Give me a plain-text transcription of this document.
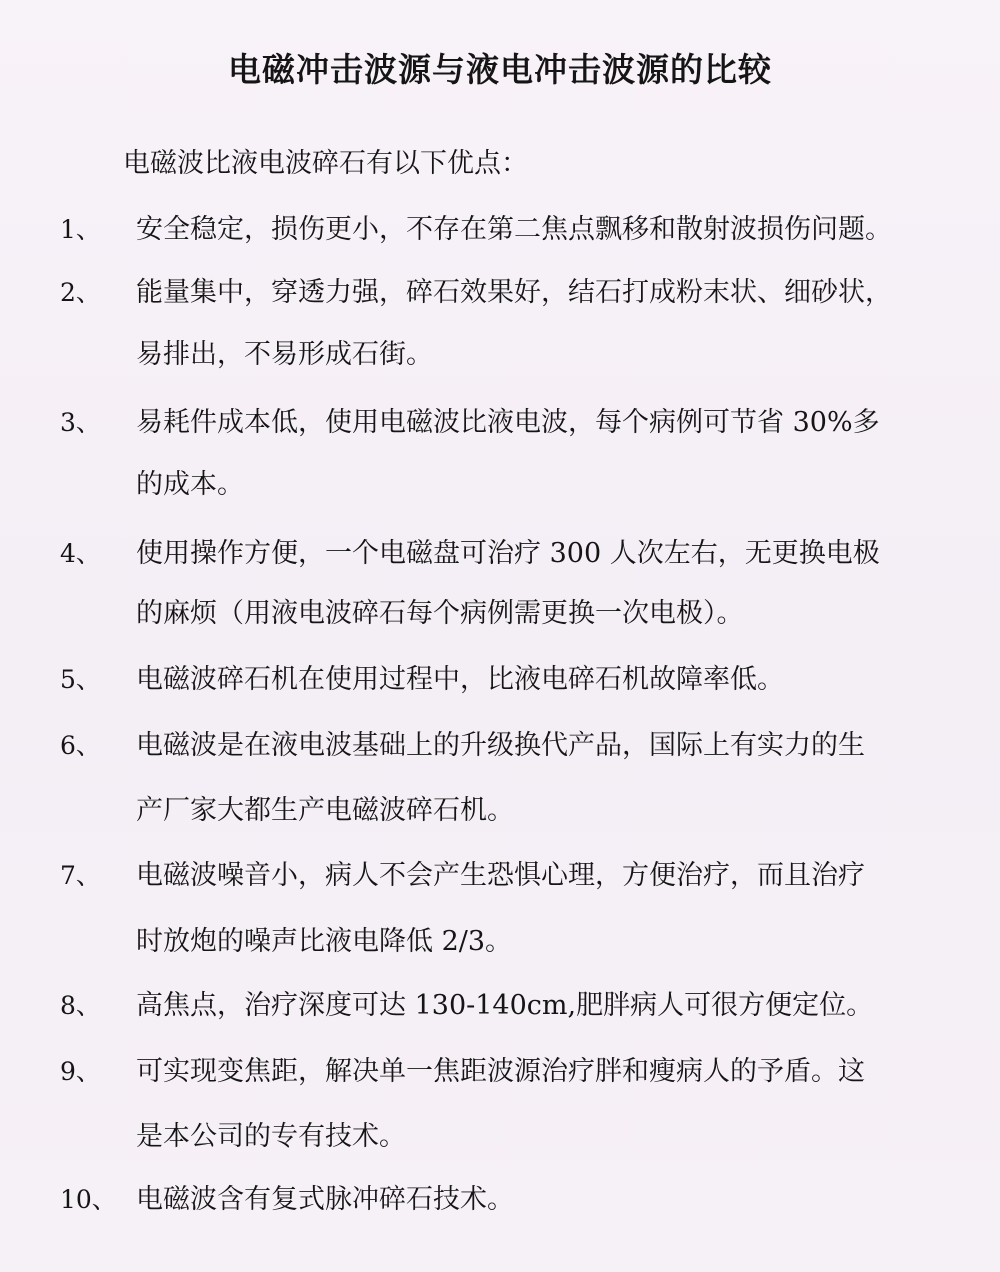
电磁冲击波源与液电冲击波源的比较
电磁波比液电波碎石有以下优点：
1、 安全稳定，损伤更小，不存在第二焦点飘移和散射波损伤问题。
2、 能量集中，穿透力强，碎石效果好，结石打成粉末状、细砂状，
易排出，不易形成石街。
3、 易耗件成本低，使用电磁波比液电波，每个病例可节省 30%多
的成本。
4、 使用操作方便，一个电磁盘可治疗 300 人次左右，无更换电极
的麻烦（用液电波碎石每个病例需更换一次电极）。
5、 电磁波碎石机在使用过程中，比液电碎石机故障率低。
6、 电磁波是在液电波基础上的升级换代产品，国际上有实力的生
产厂家大都生产电磁波碎石机。
7、 电磁波噪音小，病人不会产生恐惧心理，方便治疗，而且治疗
时放炮的噪声比液电降低 2/3。
8、 高焦点，治疗深度可达 130-140cm,肥胖病人可很方便定位。
9、 可实现变焦距，解决单一焦距波源治疗胖和瘦病人的予盾。这
是本公司的专有技术。
10、 电磁波含有复式脉冲碎石技术。
